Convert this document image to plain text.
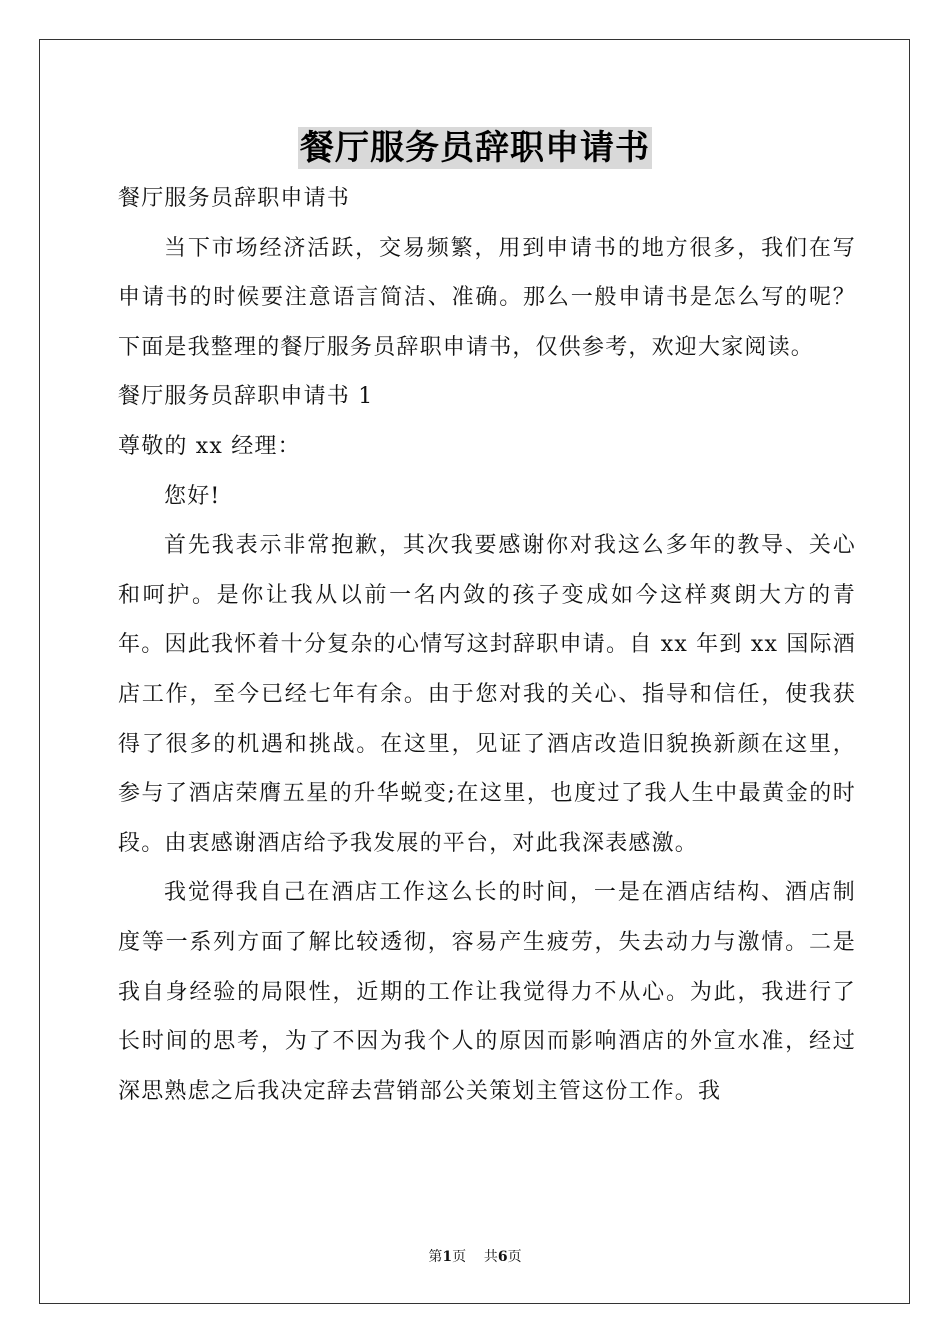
餐厅服务员辞职申请书

餐厅服务员辞职申请书

当下市场经济活跃，交易频繁，用到申请书的地方很多，我们在写申请书的时候要注意语言简洁、准确。那么一般申请书是怎么写的呢？下面是我整理的餐厅服务员辞职申请书，仅供参考，欢迎大家阅读。

餐厅服务员辞职申请书 1

尊敬的 xx 经理：

您好!

首先我表示非常抱歉，其次我要感谢你对我这么多年的教导、关心和呵护。是你让我从以前一名内敛的孩子变成如今这样爽朗大方的青年。因此我怀着十分复杂的心情写这封辞职申请。自 xx 年到 xx 国际酒店工作，至今已经七年有余。由于您对我的关心、指导和信任，使我获得了很多的机遇和挑战。在这里，见证了酒店改造旧貌换新颜在这里，参与了酒店荣膺五星的升华蜕变;在这里，也度过了我人生中最黄金的时段。由衷感谢酒店给予我发展的平台，对此我深表感激。

我觉得我自己在酒店工作这么长的时间，一是在酒店结构、酒店制度等一系列方面了解比较透彻，容易产生疲劳，失去动力与激情。二是我自身经验的局限性，近期的工作让我觉得力不从心。为此，我进行了长时间的思考，为了不因为我个人的原因而影响酒店的外宣水准，经过深思熟虑之后我决定辞去营销部公关策划主管这份工作。我

第1页 共6页
